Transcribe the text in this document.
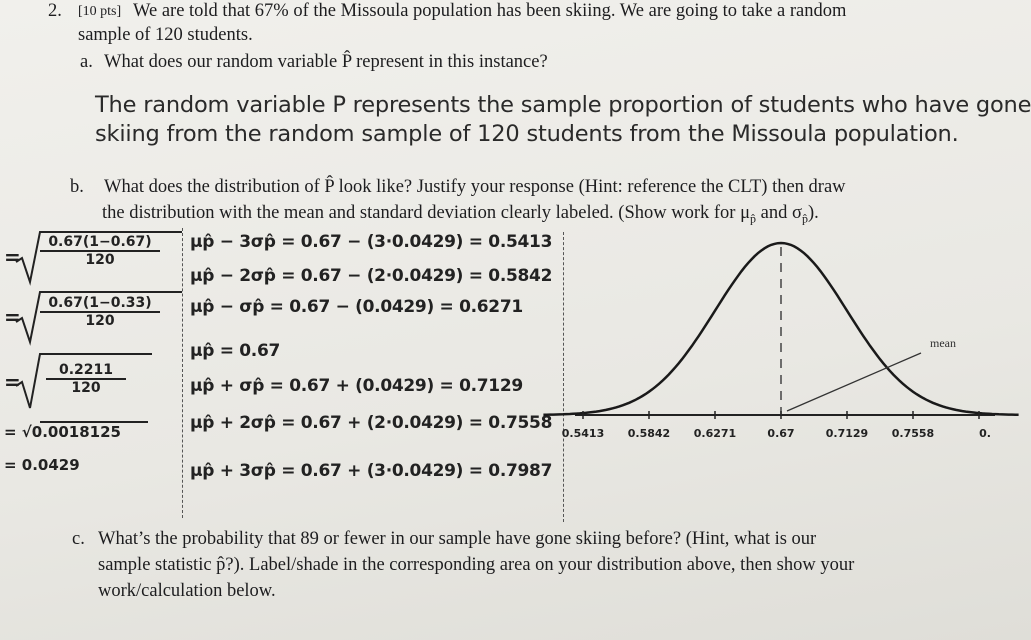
2. [10 pts] We are told that 67% of the Missoula population has been skiing. We are going to take a random
sample of 120 students.
a. What does our random variable P̂ represent in this instance?
The random variable P represents the sample proportion of students who have gone
skiing from the random sample of 120 students from the Missoula population.
b. What does the distribution of P̂ look like? Justify your response (Hint: reference the CLT) then draw
the distribution with the mean and standard deviation clearly labeled. (Show work for $\mu_{p̂}$ and $\sigma_{p̂}$).
= $\frac{0.67(1-0.67)}{120}$
= $\frac{0.67(1-0.33)}{120}$
= $\frac{0.2211}{120}$
= √0.0018125
= 0.0429
μp̂ − 3σp̂ = 0.67 − (3·0.0429) = 0.5413
μp̂ − 2σp̂ = 0.67 − (2·0.0429) = 0.5842
μp̂ − σp̂ = 0.67 − (0.0429) = 0.6271
μp̂ = 0.67
μp̂ + σp̂ = 0.67 + (0.0429) = 0.7129
μp̂ + 2σp̂ = 0.67 + (2·0.0429) = 0.7558
μp̂ + 3σp̂ = 0.67 + (3·0.0429) = 0.7987
0.5413 0.5842 0.6271	0.67	0.7129 0.7558	0.
mean
c. What’s the probability that 89 or fewer in our sample have gone skiing before? (Hint, what is our
sample statistic p̂?). Label/shade in the corresponding area on your distribution above, then show your
work/calculation below.
